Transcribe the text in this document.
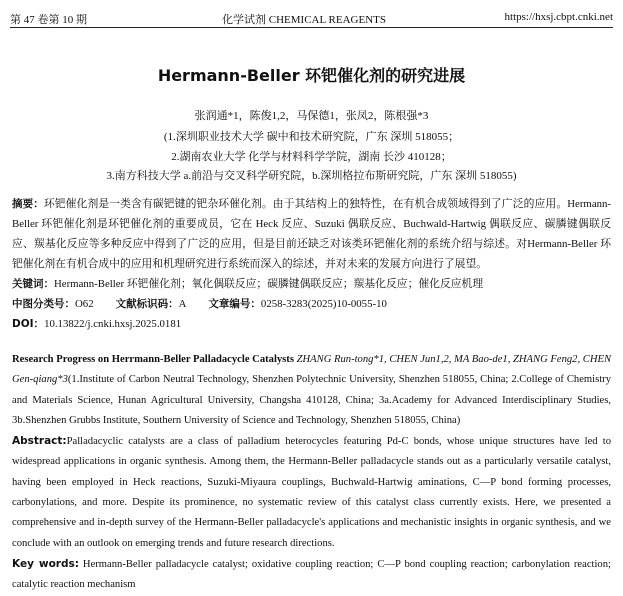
第 47 卷第 10 期	化学试剂 CHEMICAL REAGENTS	https://hxsj.cbpt.cnki.net
Hermann-Beller 环钯催化剂的研究进展
张润通*1，陈俊1,2，马保德1，张凤2，陈根强*3
(1.深圳职业技术大学 碳中和技术研究院，广东 深圳 518055；
2.湖南农业大学 化学与材料科学学院，湖南 长沙 410128；
3.南方科技大学 a.前沿与交叉科学研究院，b.深圳格拉布斯研究院，广东 深圳 518055)
摘要：环钯催化剂是一类含有碳钯键的钯杂环催化剂。由于其结构上的独特性，在有机合成领域得到了广泛的应用。Hermann-Beller 环钯催化剂是环钯催化剂的重要成员，它在 Heck 反应、Suzuki 偶联反应、Buchwald-Hartwig 偶联反应、碳膦键偶联反应、羰基化反应等多种反应中得到了广泛的应用，但是目前还缺乏对该类环钯催化剂的系统介绍与综述。对Hermann-Beller 环钯催化剂在有机合成中的应用和机理研究进行系统而深入的综述，并对未来的发展方向进行了展望。
关键词：Hermann-Beller 环钯催化剂；氧化偶联反应；碳膦键偶联反应；羰基化反应；催化反应机理
中图分类号：O62 文献标识码：A 文章编号：0258-3283(2025)10-0055-10
DOI：10.13822/j.cnki.hxsj.2025.0181
Research Progress on Herrmann-Beller Palladacycle Catalysts ZHANG Run-tong*1, CHEN Jun1,2, MA Bao-de1, ZHANG Feng2, CHEN Gen-qiang*3(1.Institute of Carbon Neutral Technology, Shenzhen Polytechnic University, Shenzhen 518055, China; 2.College of Chemistry and Materials Science, Hunan Agricultural University, Changsha 410128, China; 3a.Academy for Advanced Interdisciplinary Studies, 3b.Shenzhen Grubbs Institute, Southern University of Science and Technology, Shenzhen 518055, China)
Abstract:Palladacyclic catalysts are a class of palladium heterocycles featuring Pd-C bonds, whose unique structures have led to widespread applications in organic synthesis. Among them, the Hermann-Beller palladacycle stands out as a particularly versatile catalyst, having been employed in Heck reactions, Suzuki-Miyaura couplings, Buchwald-Hartwig aminations, C—P bond forming processes, carbonylations, and more. Despite its prominence, no systematic review of this catalyst class currently exists. Here, we presented a comprehensive and in-depth survey of the Hermann-Beller palladacycle's applications and mechanistic insights in organic synthesis, and we conclude with an outlook on emerging trends and future research directions.
Key words: Hermann-Beller palladacycle catalyst; oxidative coupling reaction; C—P bond coupling reaction; carbonylation reaction; catalytic reaction mechanism
